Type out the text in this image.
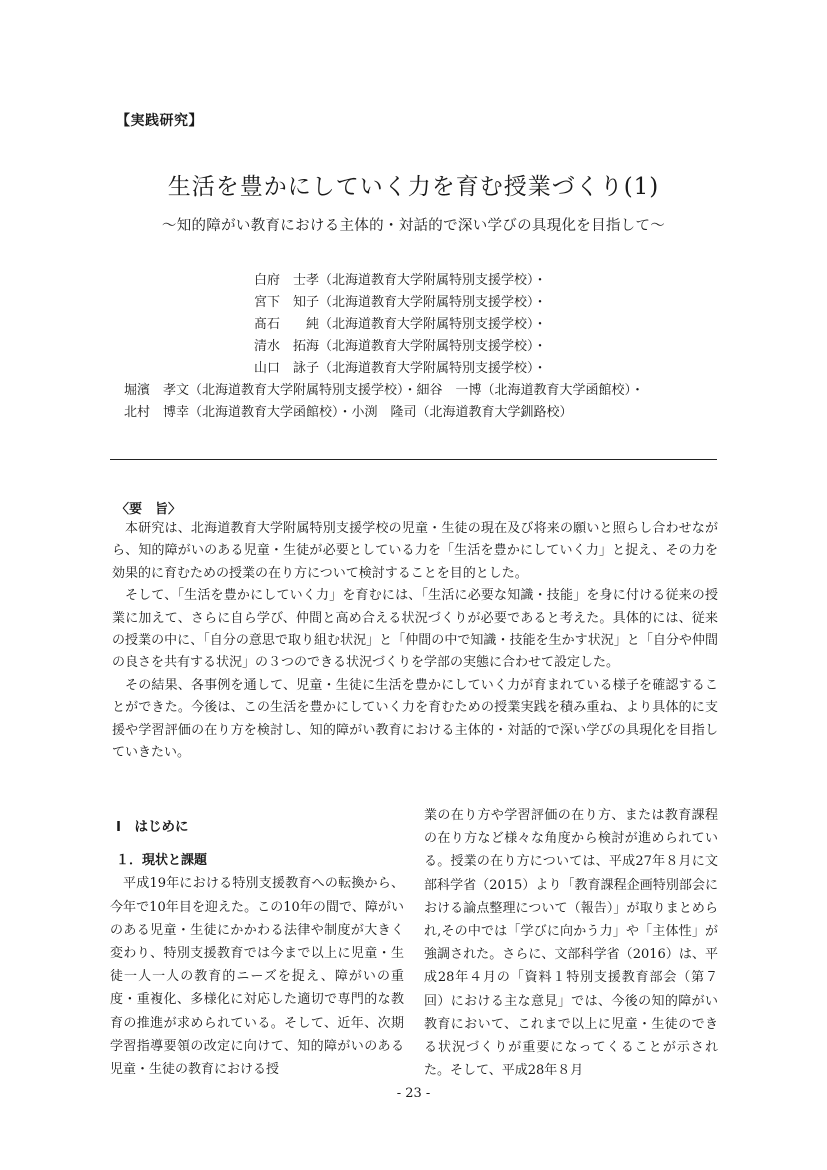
【実践研究】
生活を豊かにしていく力を育む授業づくり(1)
～知的障がい教育における主体的・対話的で深い学びの具現化を目指して～
白府　士孝（北海道教育大学附属特別支援学校）・
宮下　知子（北海道教育大学附属特別支援学校）・
髙石　　純（北海道教育大学附属特別支援学校）・
清水　拓海（北海道教育大学附属特別支援学校）・
山口　詠子（北海道教育大学附属特別支援学校）・
堀濱　孝文（北海道教育大学附属特別支援学校）・細谷　一博（北海道教育大学函館校）・
北村　博幸（北海道教育大学函館校）・小渕　隆司（北海道教育大学釧路校）
〈要　旨〉

本研究は、北海道教育大学附属特別支援学校の児童・生徒の現在及び将来の願いと照らし合わせながら、知的障がいのある児童・生徒が必要としている力を「生活を豊かにしていく力」と捉え、その力を効果的に育むための授業の在り方について検討することを目的とした。

そして、「生活を豊かにしていく力」を育むには、「生活に必要な知識・技能」を身に付ける従来の授業に加えて、さらに自ら学び、仲間と高め合える状況づくりが必要であると考えた。具体的には、従来の授業の中に、「自分の意思で取り組む状況」と「仲間の中で知識・技能を生かす状況」と「自分や仲間の良さを共有する状況」の３つのできる状況づくりを学部の実態に合わせて設定した。

その結果、各事例を通して、児童・生徒に生活を豊かにしていく力が育まれている様子を確認することができた。今後は、この生活を豊かにしていく力を育むための授業実践を積み重ね、より具体的に支援や学習評価の在り方を検討し、知的障がい教育における主体的・対話的で深い学びの具現化を目指していきたい。

Ⅰ　はじめに
１．現状と課題

平成19年における特別支援教育への転換から、今年で10年目を迎えた。この10年の間で、障がいのある児童・生徒にかかわる法律や制度が大きく変わり、特別支援教育では今まで以上に児童・生徒一人一人の教育的ニーズを捉え、障がいの重度・重複化、多様化に対応した適切で専門的な教育の推進が求められている。そして、近年、次期学習指導要領の改定に向けて、知的障がいのある児童・生徒の教育における授

業の在り方や学習評価の在り方、または教育課程の在り方など様々な角度から検討が進められている。授業の在り方については、平成27年８月に文部科学省（2015）より「教育課程企画特別部会における論点整理について（報告）」が取りまとめられ,その中では「学びに向かう力」や「主体性」が強調された。さらに、文部科学省（2016）は、平成28年４月の「資料１特別支援教育部会（第７回）における主な意見」では、今後の知的障がい教育において、これまで以上に児童・生徒のできる状況づくりが重要になってくることが示された。そして、平成28年８月

- 23 -
